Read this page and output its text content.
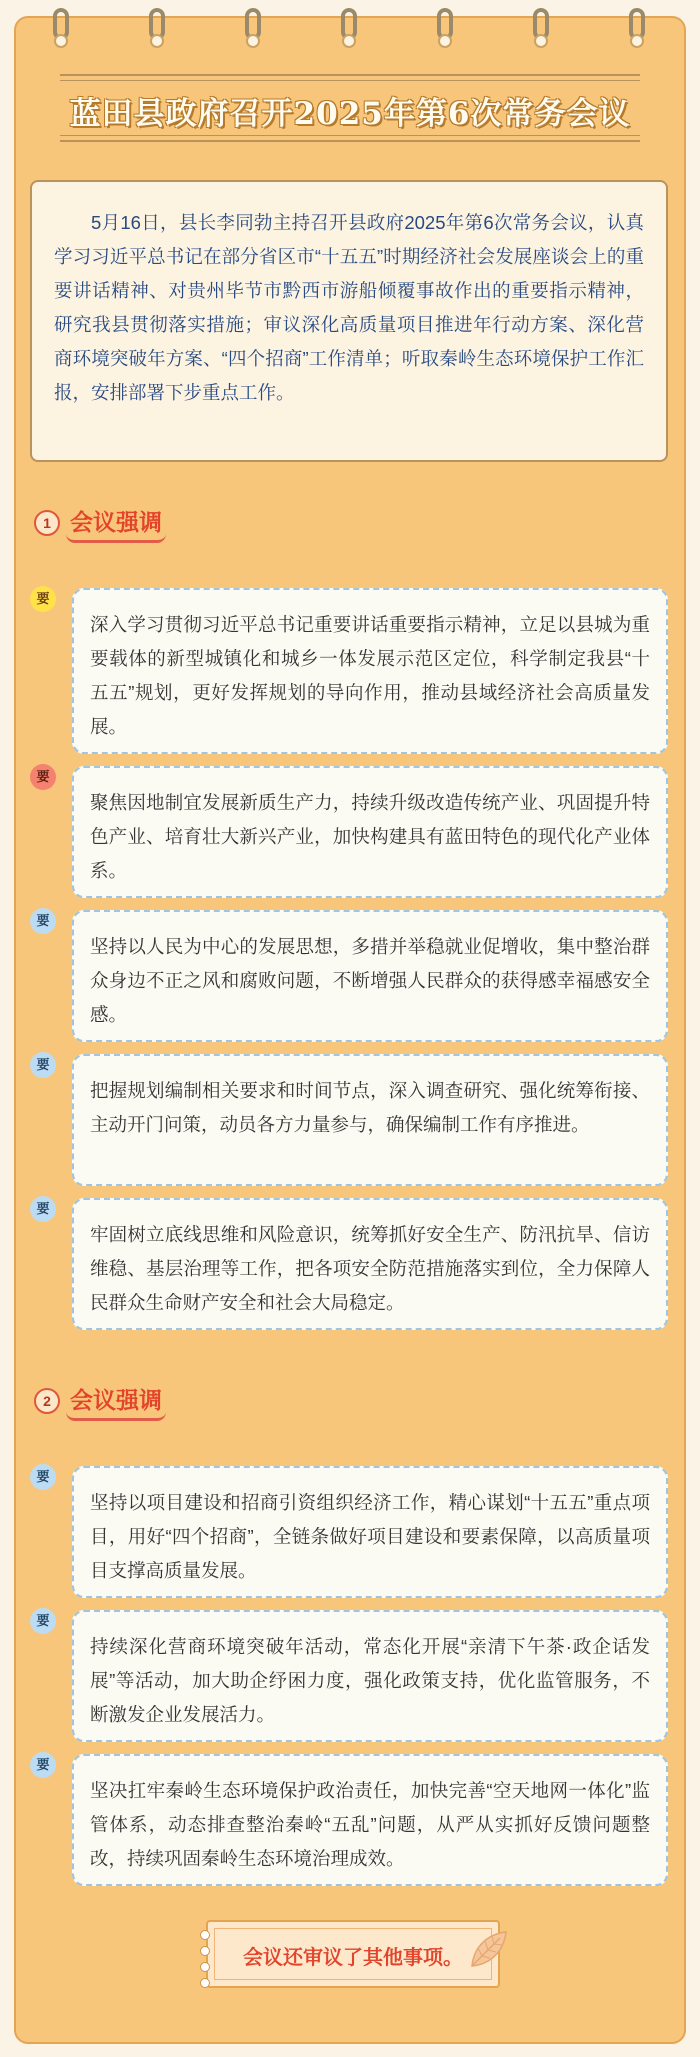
蓝田县政府召开2025年第6次常务会议

5月16日，县长李同勃主持召开县政府2025年第6次常务会议，认真学习习近平总书记在部分省区市“十五五”时期经济社会发展座谈会上的重要讲话精神、对贵州毕节市黔西市游船倾覆事故作出的重要指示精神，研究我县贯彻落实措施；审议深化高质量项目推进年行动方案、深化营商环境突破年方案、“四个招商”工作清单；听取秦岭生态环境保护工作汇报，安排部署下步重点工作。

1 会议强调
要

深入学习贯彻习近平总书记重要讲话重要指示精神，立足以县城为重要载体的新型城镇化和城乡一体发展示范区定位，科学制定我县“十五五”规划，更好发挥规划的导向作用，推动县域经济社会高质量发展。

要

聚焦因地制宜发展新质生产力，持续升级改造传统产业、巩固提升特色产业、培育壮大新兴产业，加快构建具有蓝田特色的现代化产业体系。

要

坚持以人民为中心的发展思想，多措并举稳就业促增收，集中整治群众身边不正之风和腐败问题，不断增强人民群众的获得感幸福感安全感。

要

把握规划编制相关要求和时间节点，深入调查研究、强化统筹衔接、主动开门问策，动员各方力量参与，确保编制工作有序推进。

要

牢固树立底线思维和风险意识，统筹抓好安全生产、防汛抗旱、信访维稳、基层治理等工作，把各项安全防范措施落实到位，全力保障人民群众生命财产安全和社会大局稳定。

2 会议强调
要

坚持以项目建设和招商引资组织经济工作，精心谋划“十五五”重点项目，用好“四个招商”，全链条做好项目建设和要素保障，以高质量项目支撑高质量发展。

要

持续深化营商环境突破年活动，常态化开展“亲清下午茶·政企话发展”等活动，加大助企纾困力度，强化政策支持，优化监管服务，不断激发企业发展活力。

要

坚决扛牢秦岭生态环境保护政治责任，加快完善“空天地网一体化”监管体系，动态排查整治秦岭“五乱”问题，从严从实抓好反馈问题整改，持续巩固秦岭生态环境治理成效。

会议还审议了其他事项。
